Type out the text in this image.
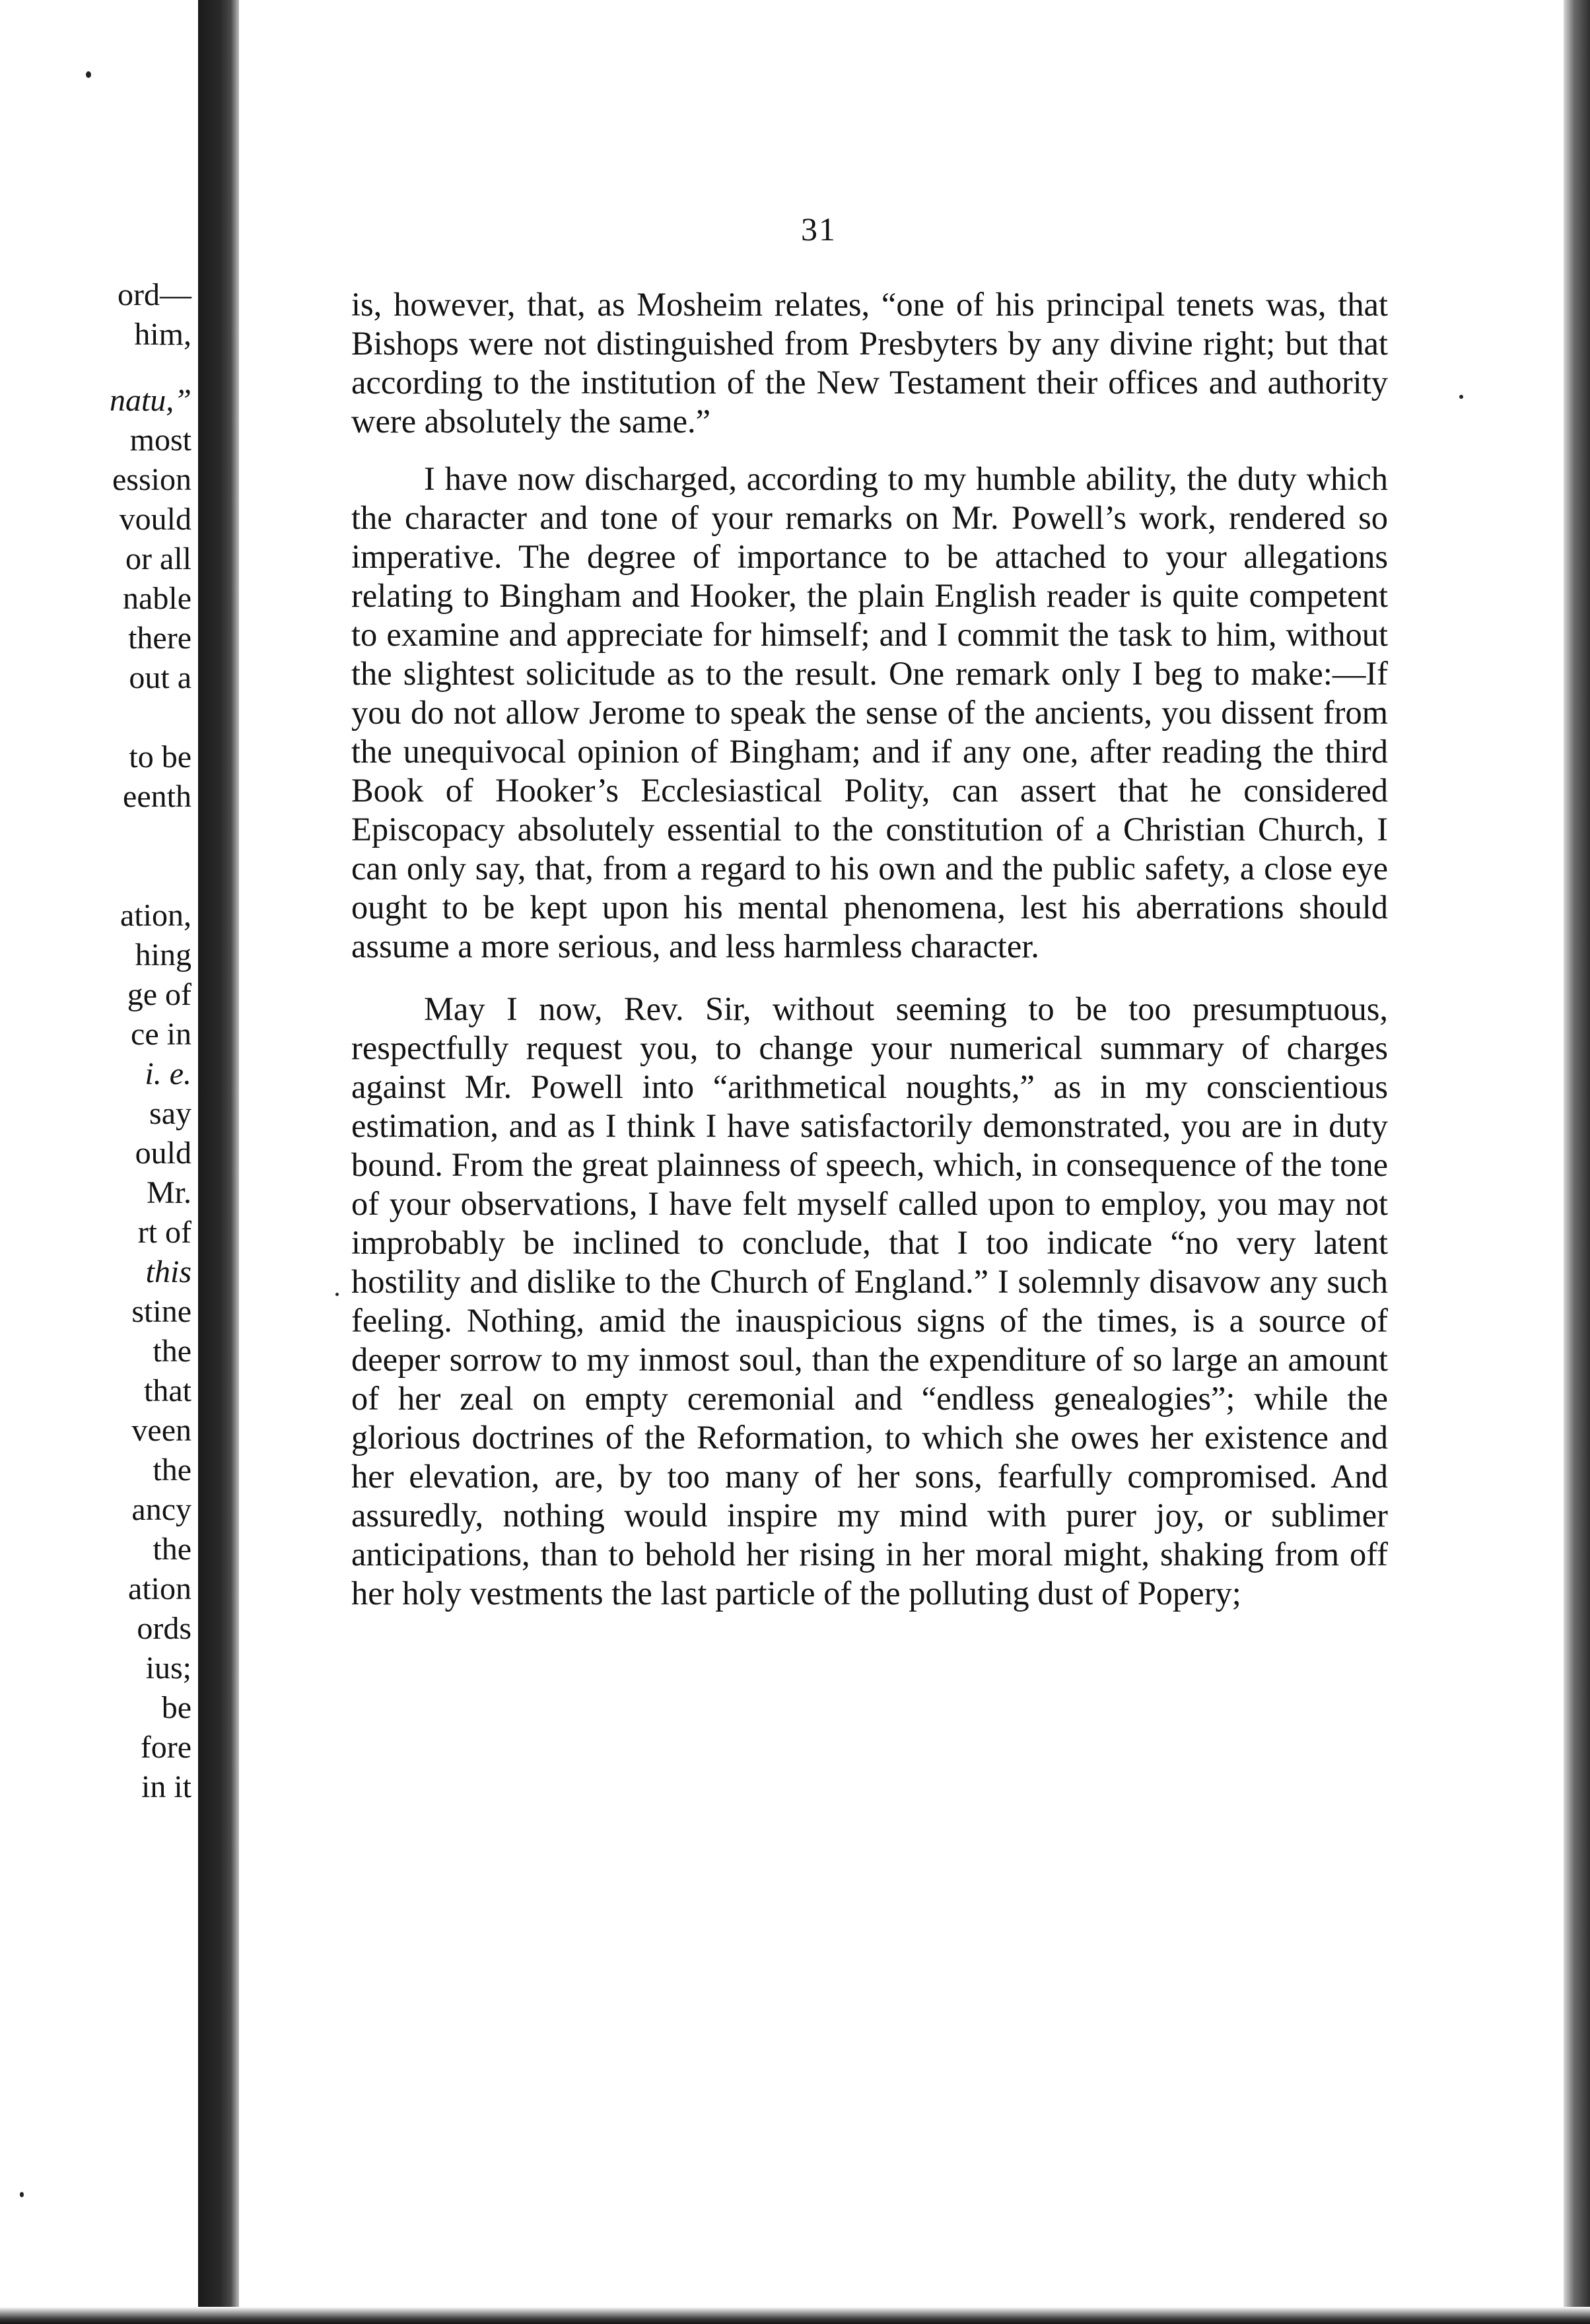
ord—
him,
natu,”
most
ession
vould
or all
nable
there
out a
to be
eenth
ation,
hing
ge of
ce in
i. e.
say
ould
Mr.
rt of
this
stine
the
that
veen
the
ancy
the
ation
ords
ius;
be
fore
in it
31

is, however, that, as Mosheim relates, “one of his principal tenets was, that Bishops were not distinguished from Presbyters by any divine right; but that according to the institution of the New Testament their offices and authority were absolutely the same.”

I have now discharged, according to my humble ability, the duty which the character and tone of your remarks on Mr. Powell’s work, rendered so imperative. The degree of importance to be attached to your allegations relating to Bingham and Hooker, the plain English reader is quite competent to examine and appreciate for himself; and I commit the task to him, without the slightest solicitude as to the result. One remark only I beg to make:—If you do not allow Jerome to speak the sense of the ancients, you dissent from the unequivocal opinion of Bingham; and if any one, after reading the third Book of Hooker’s Ecclesiastical Polity, can assert that he considered Episcopacy absolutely essential to the constitution of a Christian Church, I can only say, that, from a regard to his own and the public safety, a close eye ought to be kept upon his mental phenomena, lest his aberrations should assume a more serious, and less harmless character.

May I now, Rev. Sir, without seeming to be too presumptuous, respectfully request you, to change your numerical summary of charges against Mr. Powell into “arithmetical noughts,” as in my conscientious estimation, and as I think I have satisfactorily demonstrated, you are in duty bound. From the great plainness of speech, which, in consequence of the tone of your observations, I have felt myself called upon to employ, you may not improbably be inclined to conclude, that I too indicate “no very latent hostility and dislike to the Church of England.” I solemnly disavow any such feeling. Nothing, amid the inauspicious signs of the times, is a source of deeper sorrow to my inmost soul, than the expenditure of so large an amount of her zeal on empty ceremonial and “endless genealogies”; while the glorious doctrines of the Reformation, to which she owes her existence and her elevation, are, by too many of her sons, fearfully compromised. And assuredly, nothing would inspire my mind with purer joy, or sublimer anticipations, than to behold her rising in her moral might, shaking from off her holy vestments the last particle of the polluting dust of Popery;
